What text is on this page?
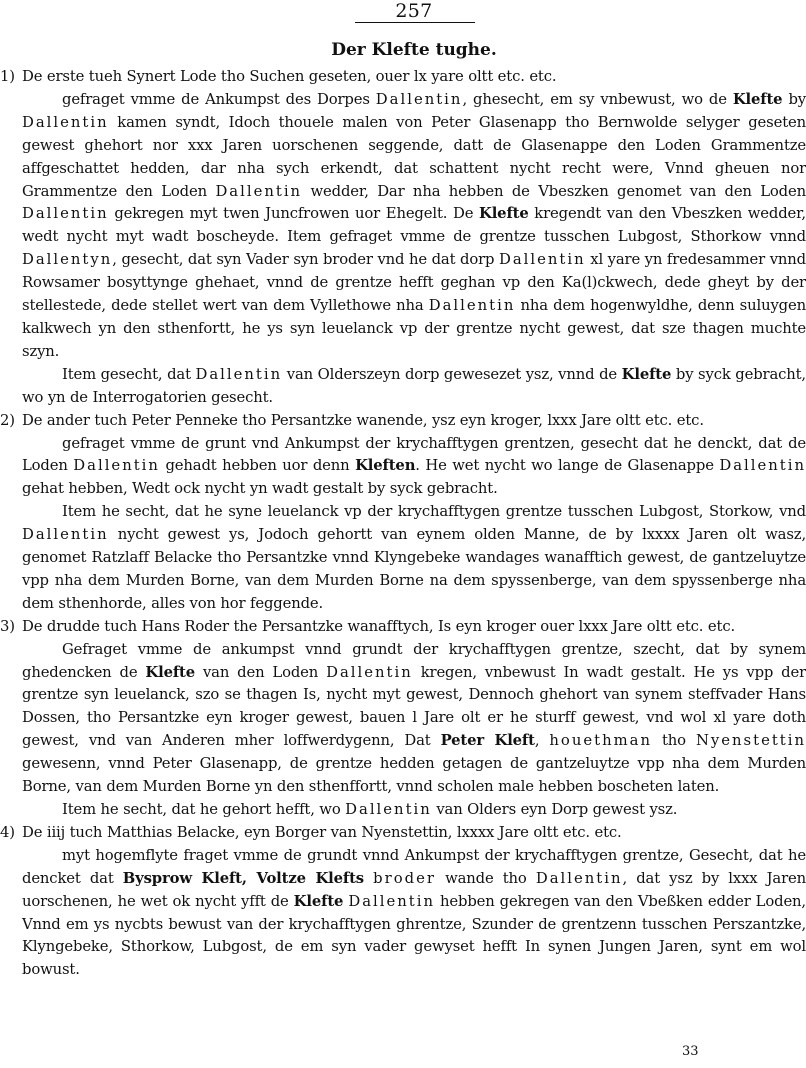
257
Der Klefte tughe.

1) De erste tueh Synert Lode tho Suchen geseten, ouer lx yare oltt etc. etc.

gefraget vmme de Ankumpst des Dorpes Dallentin, ghesecht, em sy vnbewust, wo de Klefte by Dallentin kamen syndt, Idoch thouele malen von Peter Glasenapp tho Bernwolde selyger geseten gewest ghehort nor xxx Jaren uorschenen seggende, datt de Glasenappe den Loden Grammentze affgeschattet hedden, dar nha sych erkendt, dat schattent nycht recht were, Vnnd gheuen nor Grammentze den Loden Dallentin wedder, Dar nha hebben de Vbeszken genomet van den Loden Dallentin gekregen myt twen Juncfrowen uor Ehegelt. De Klefte kregendt van den Vbeszken wedder, wedt nycht myt wadt boscheyde. Item gefraget vmme de grentze tusschen Lubgost, Sthorkow vnnd Dallentyn, gesecht, dat syn Vader syn broder vnd he dat dorp Dallentin xl yare yn fredesammer vnnd Rowsamer bosyttynge ghehaet, vnnd de grentze hefft geghan vp den Ka(l)ckwech, dede gheyt by der stellestede, dede stellet wert van dem Vyllethowe nha Dallentin nha dem hogenwyldhe, denn suluygen kalkwech yn den sthenfortt, he ys syn leuelanck vp der grentze nycht gewest, dat sze thagen muchte szyn.

Item gesecht, dat Dallentin van Olderszeyn dorp gewesezet ysz, vnnd de Klefte by syck gebracht, wo yn de Interrogatorien gesecht.

2) De ander tuch Peter Penneke tho Persantzke wanende, ysz eyn kroger, lxxx Jare oltt etc. etc.

gefraget vmme de grunt vnd Ankumpst der krychafftygen grentzen, gesecht dat he denckt, dat de Loden Dallentin gehadt hebben uor denn Kleften. He wet nycht wo lange de Glasenappe Dallentin gehat hebben, Wedt ock nycht yn wadt gestalt by syck gebracht.

Item he secht, dat he syne leuelanck vp der krychafftygen grentze tusschen Lubgost, Storkow, vnd Dallentin nycht gewest ys, Jodoch gehortt van eynem olden Manne, de by lxxxx Jaren olt wasz, genomet Ratzlaff Belacke tho Persantzke vnnd Klyngebeke wandages wanafftich gewest, de gantzeluytze vpp nha dem Murden Borne, van dem Murden Borne na dem spyssenberge, van dem spyssenberge nha dem sthenhorde, alles von hor feggende.

3) De drudde tuch Hans Roder the Persantzke wanafftych, Is eyn kroger ouer lxxx Jare oltt etc. etc.

Gefraget vmme de ankumpst vnnd grundt der krychafftygen grentze, szecht, dat by synem ghedencken de Klefte van den Loden Dallentin kregen, vnbewust In wadt gestalt. He ys vpp der grentze syn leuelanck, szo se thagen Is, nycht myt gewest, Dennoch ghehort van synem steffvader Hans Dossen, tho Persantzke eyn kroger gewest, bauen l Jare olt er he sturff gewest, vnd wol xl yare doth gewest, vnd van Anderen mher loffwerdygenn, Dat Peter Kleft, houethman tho Nyenstettin gewesenn, vnnd Peter Glasenapp, de grentze hedden getagen de gantzeluytze vpp nha dem Murden Borne, van dem Murden Borne yn den sthenffortt, vnnd scholen male hebben boscheten laten.

Item he secht, dat he gehort hefft, wo Dallentin van Olders eyn Dorp gewest ysz.

4) De iiij tuch Matthias Belacke, eyn Borger van Nyenstettin, lxxxx Jare oltt etc. etc.

myt hogemflyte fraget vmme de grundt vnnd Ankumpst der krychafftygen grentze, Gesecht, dat he dencket dat Bysprow Kleft, Voltze Klefts broder wande tho Dallentin, dat ysz by lxxx Jaren uorschenen, he wet ok nycht yfft de Klefte Dallentin hebben gekregen van den Vbeßken edder Loden, Vnnd em ys nycbts bewust van der krychafftygen ghrentze, Szunder de grentzenn tusschen Perszantzke, Klyngebeke, Sthorkow, Lubgost, de em syn vader gewyset hefft In synen Jungen Jaren, synt em wol bowust.

33
